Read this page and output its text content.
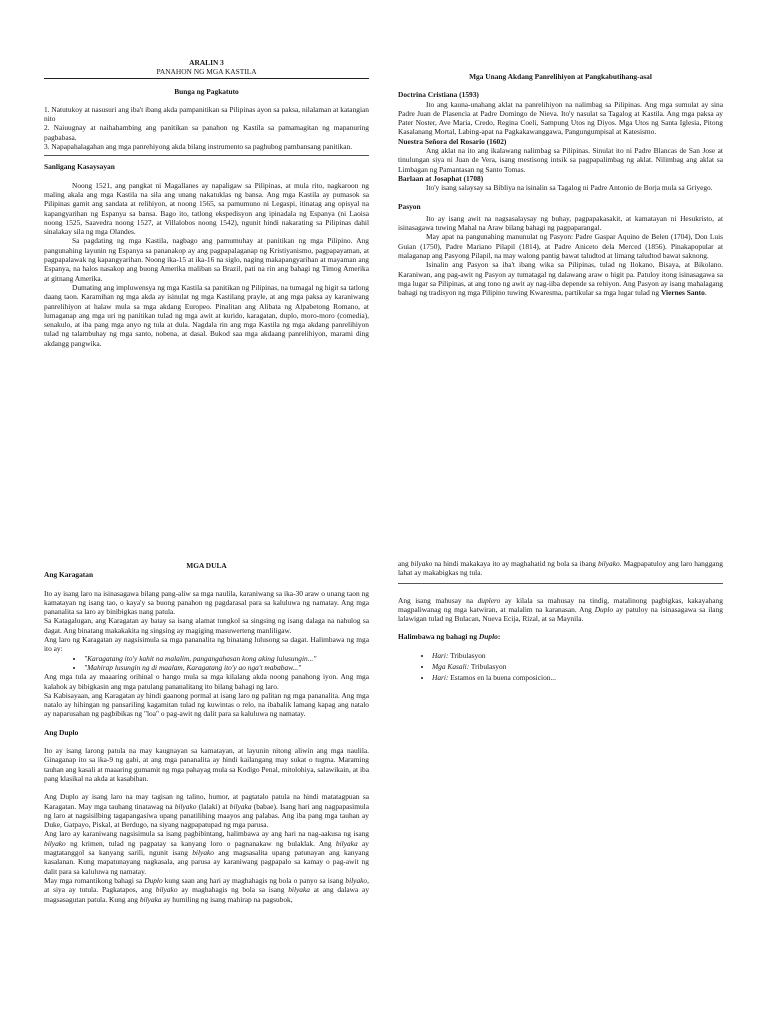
ARALIN 3

PANAHON NG MGA KASTILA

Bunga ng Pagkatuto

1. Natutukoy at nasusuri ang iba't ibang akda pampanitikan sa Pilipinas ayon sa paksa, nilalaman at katangian nito

2. Naiuugnay at naihahambing ang panitikan sa panahon ng Kastila sa pamamagitan ng mapanuring pagbabasa.

3. Napapahalagahan ang mga panrehiyong akda bilang instrumento sa paghubog pambansang panitikan.

Sanligang Kasaysayan

Noong 1521, ang pangkat ni Magallanes ay napaligaw sa Pilipinas, at mula rito, nagkaroon ng maling akala ang mga Kastila na sila ang unang nakatuklas ng bansa. Ang mga Kastila ay pumasok sa Pilipinas gamit ang sandata at relihiyon, at noong 1565, sa pamumuno ni Legaspi, itinatag ang opisyal na kapangyarihan ng Espanya sa bansa. Bago ito, tatlong ekspedisyon ang ipinadala ng Espanya (ni Laoisa noong 1525, Saavedra noong 1527, at Villalobos noong 1542), ngunit hindi nakarating sa Pilipinas dahil sinalakay sila ng mga Olandes.

Sa pagdating ng mga Kastila, nagbago ang pamumuhay at panitikan ng mga Pilipino. Ang pangunahing layunin ng Espanya sa pananakop ay ang pagpapalaganap ng Kristiyanismo, pagpapayaman, at pagpapalawak ng kapangyarihan. Noong ika-15 at ika-16 na siglo, naging makapangyarihan at mayaman ang Espanya, na halos nasakop ang buong Amerika maliban sa Brazil, pati na rin ang bahagi ng Timog Amerika at gitnang Amerika.

Dumating ang impluwensya ng mga Kastila sa panitikan ng Pilipinas, na tumagal ng higit sa tatlong daang taon. Karamihan ng mga akda ay isinulat ng mga Kastilang prayle, at ang mga paksa ay karaniwang panrelihiyon at halaw mula sa mga akdang Europeo. Pinalitan ang Alibata ng Alpabetong Romano, at lumaganap ang mga uri ng panitikan tulad ng mga awit at kurido, karagatan, duplo, moro-moro (comedia), senakulo, at iba pang mga anyo ng tula at dula. Nagdala rin ang mga Kastila ng mga akdang panrelihiyon tulad ng talambuhay ng mga santo, nobena, at dasal. Bukod saa mga akdaang panrelihiyon, marami ding akdangg pangwika.

Mga Unang Akdang Panrelihiyon at Pangkabutihang-asal

Doctrina Cristiana (1593)

Ito ang kauna-unahang aklat na panrelihiyon na nalimbag sa Pilipinas. Ang mga sumulat ay sina Padre Juan de Plasencia at Padre Domingo de Nieva. Ito'y nasulat sa Tagalog at Kastila. Ang mga paksa ay Pater Noster, Ave Maria, Credo, Regina Coeli, Sampung Utos ng Diyos. Mga Utos ng Santa Iglesia, Pitong Kasalanang Mortal, Labing-apat na Pagkakawanggawa, Pangungumpisal at Katesismo.

Nuestra Señora del Rosario (1602)

Ang aklat na ito ang ikalawang nalimbag sa Pilipinas. Sinulat ito ni Padre Blancas de San Jose at tinulungan siya ni Juan de Vera, isang mestisong intsik sa pagpapalimbag ng aklat. Nilimbag ang aklat sa Limbagan ng Pamantasan ng Santo Tomas.

Barlaan at Josaphat (1708)

Ito'y isang salaysay sa Bibliya na isinalin sa Tagalog ni Padre Antonio de Borja mula sa Griyego.

Pasyon

Ito ay isang awit na nagsasalaysay ng buhay, pagpapakasakit, at kamatayan ni Hesukristo, at isinasagawa tuwing Mahal na Araw bilang bahagi ng pagpaparangal.

May apat na pangunahing manunulat ng Pasyon: Padre Gaspar Aquino de Belen (1704), Don Luis Guian (1750), Padre Mariano Pilapil (1814), at Padre Aniceto dela Merced (1856). Pinakapopular at malaganap ang Pasyong Pilapil, na may walong pantig bawat taludtod at limang taludtod bawat saknong.

Isinalin ang Pasyon sa iba't ibang wika sa Pilipinas, tulad ng Ilokano, Bisaya, at Bikolano. Karaniwan, ang pag-awit ng Pasyon ay tumatagal ng dalawang araw o higit pa. Patuloy itong isinasagawa sa mga lugar sa Pilipinas, at ang tono ng awit ay nag-iiba depende sa rehiyon. Ang Pasyon ay isang mahalagang bahagi ng tradisyon ng mga Pilipino tuwing Kwaresma, partikular sa mga lugar tulad ng Viernes Santo.

MGA DULA

Ang Karagatan

Ito ay isang laro na isinasagawa bilang pang-aliw sa mga naulila, karaniwang sa ika-30 araw o unang taon ng kamatayan ng isang tao, o kaya'y sa buong panahon ng pagdarasal para sa kaluluwa ng namatay. Ang mga pananalita sa laro ay binibigkas nang patula.

Sa Katagalugan, ang Karagatan ay batay sa isang alamat tungkol sa singsing ng isang dalaga na nahulog sa dagat. Ang binatang makakakita ng singsing ay magiging masuwerteng manliligaw.

Ang laro ng Karagatan ay nagsisimula sa mga pananalita ng binatang lulusong sa dagat. Halimbawa ng mga ito ay:

• "Karagatang ito'y kahit na malalim, pangangahasan kong aking lulusungin..."
• "Mahirap lusungin ng di maalam, Karagatang ito'y ao nga't mababaw..."

Ang mga tula ay maaaring orihinal o hango mula sa mga kilalang akda noong panahong iyon. Ang mga kalahok ay bibigkasin ang mga patulang pananalitang ito bilang bahagi ng laro.

Sa Kabisayaan, ang Karagatan ay hindi gaanong pormal at isang laro ng palitan ng mga pananalita. Ang mga natalo ay hihingan ng pansariling kagamitan tulad ng kuwintas o relo, na ibabalik lamang kapag ang natalo ay naparusahan ng pagbibikas ng "loa" o pag-awit ng dalit para sa kaluluwa ng namatay.

Ang Duplo

Ito ay isang larong patula na may kaugnayan sa kamatayan, at layunin nitong aliwin ang mga naulila. Ginaganap ito sa ika-9 ng gabi, at ang mga pananalita ay hindi kailangang may sukat o tugma. Maraming tauhan ang kasali at maaaring gumamit ng mga pahayag mula sa Kodigo Penal, mitolohiya, salawikain, at iba pang klasikal na akda at kasabihan.

Ang Duplo ay isang laro na may tagisan ng talino, humor, at pagtatalo patula na hindi matatagpuan sa Karagatan. May mga tauhang tinatawag na bilyako (lalaki) at bilyaka (babae). Isang hari ang nagpapasimula ng laro at nagsisilbing tagapangasiwa upang panatilihing maayos ang palabas. Ang iba pang mga tauhan ay Duke, Gatpayo, Piskal, at Berdugo, na siyang nagpapatupad ng mga parusa.

Ang laro ay karaniwang nagsisimula sa isang pagbibintang, halimbawa ay ang hari na nag-aakusa ng isang bilyako ng krimen, tulad ng pagpatay sa kanyang loro o pagnanakaw ng bulaklak. Ang bilyaka ay magtatanggol sa kanyang sarili, ngunit isang bilyako ang magsasalita upang patunayan ang kanyang kasalanan. Kung mapatunayang nagkasala, ang parusa ay karaniwang pagpapalo sa kamay o pag-awit ng dalit para sa kaluluwa ng namatay.

May mga romantikong bahagi sa Duplo kung saan ang hari ay maghahagis ng bola o panyo sa isang bilyako, at siya ay tutula. Pagkatapos, ang bilyako ay maghahagis ng bola sa isang bilyaka at ang dalawa ay magsasagutan patula. Kung ang bilyaka ay humiling ng isang mahirap na pagsubok,

ang bilyako na hindi makakaya ito ay maghahatid ng bola sa ibang bilyako. Magpapatuloy ang laro hanggang lahat ay makabigkas ng tula.

Ang isang mahusay na duplero ay kilala sa mahusay na tindig, matalinong pagbigkas, kakayahang magpaliwanag ng mga katwiran, at malalim na karanasan. Ang Duplo ay patuloy na isinasagawa sa ilang lalawigan tulad ng Bulacan, Nueva Ecija, Rizal, at sa Maynila.

Halimbawa ng bahagi ng Duplo:

• Hari: Tribulasyon
• Mga Kasali: Tribulasyon
• Hari: Estamos en la buena composicion...
